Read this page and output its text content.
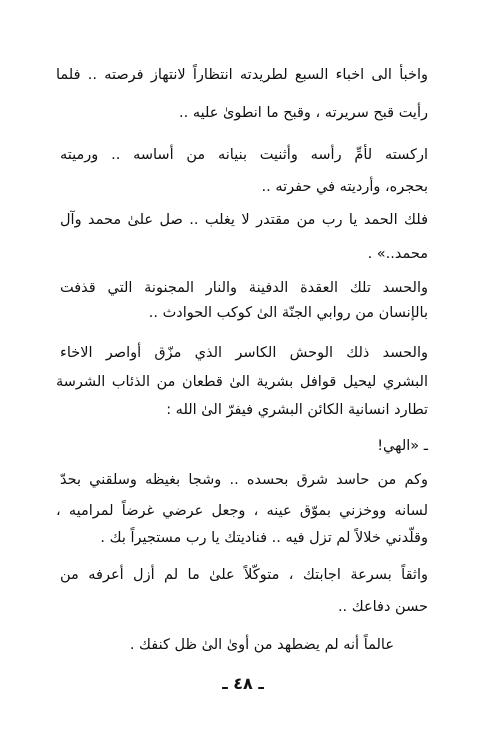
واخبأ الى اخباء السبع لطريدته انتظاراً لانتهاز فرصته .. فلما
رأيت قبح سريرته ، وقبح ما انطوىٰ عليه ..
اركسته لأمِّ رأسه وأثنيت بنيانه من أساسه .. ورميته
بحجره، وأرديته في حفرته ..
فلك الحمد يا رب من مقتدر لا يغلب .. صل علىٰ محمد وآل
محمد..» .
والحسد تلك العقدة الدفينة والنار المجنونة التي قذفت
بالإنسان من روابي الجنّة الىٰ كوكب الحوادث ..
والحسد ذلك الوحش الكاسر الذي مزّق أواصر الاخاء
البشري ليحيل قوافل بشرية الىٰ قطعان من الذئاب الشرسة
تطارد انسانية الكائن البشري فيفرّ الىٰ الله :
ـ «الهي!
وكم من حاسد شرق بحسده .. وشجا بغيظه وسلقني بحدّ
لسانه ووخزني بموّق عينه ، وجعل عرضي غرضاً لمراميه ،
وقلّدني خلالاً لم تزل فيه .. فناديتك يا رب مستجيراً بك .
واثقاً بسرعة اجابتك ، متوكّلاً علىٰ ما لم أزل أعرفه من
حسن دفاعك ..
عالماً أنه لم يضطهد من أوىٰ الىٰ ظل كنفك .
ـ ٤٨ ـ
